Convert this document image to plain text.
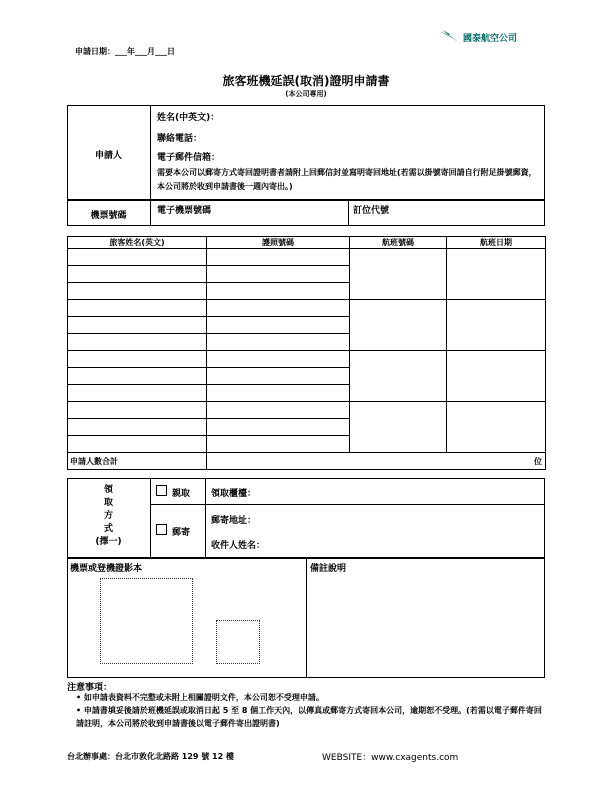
申請日期：___年___月___日
國泰航空公司
旅客班機延誤(取消)證明申請書
(本公司專用)
申請人
姓名(中英文)：
聯絡電話：
電子郵件信箱：
需要本公司以郵寄方式寄回證明書者請附上回郵信封並寫明寄回地址(若需以掛號寄回請自行附足掛號郵資，本公司將於收到申請書後一週內寄出。)
機票號碼	電子機票號碼	訂位代號
旅客姓名(英文)	護照號碼	航班號碼	航班日期

申請人數合計	位		
領
取
方
式
(擇一)
親取 領取櫃檯：
郵寄
郵寄地址：
收件人姓名：
機票或登機證影本	備註說明
注意事項：
• 如申請表資料不完整或未附上相關證明文件，本公司恕不受理申請。
• 申請書填妥後請於班機延誤或取消日起 5 至 8 個工作天內，以傳真或郵寄方式寄回本公司，逾期恕不受理。(若需以電子郵件寄回請註明，本公司將於收到申請書後以電子郵件寄出證明書)
台北辦事處：台北市敦化北路路 129 號 12 樓	WEBSITE：www.cxagents.com
